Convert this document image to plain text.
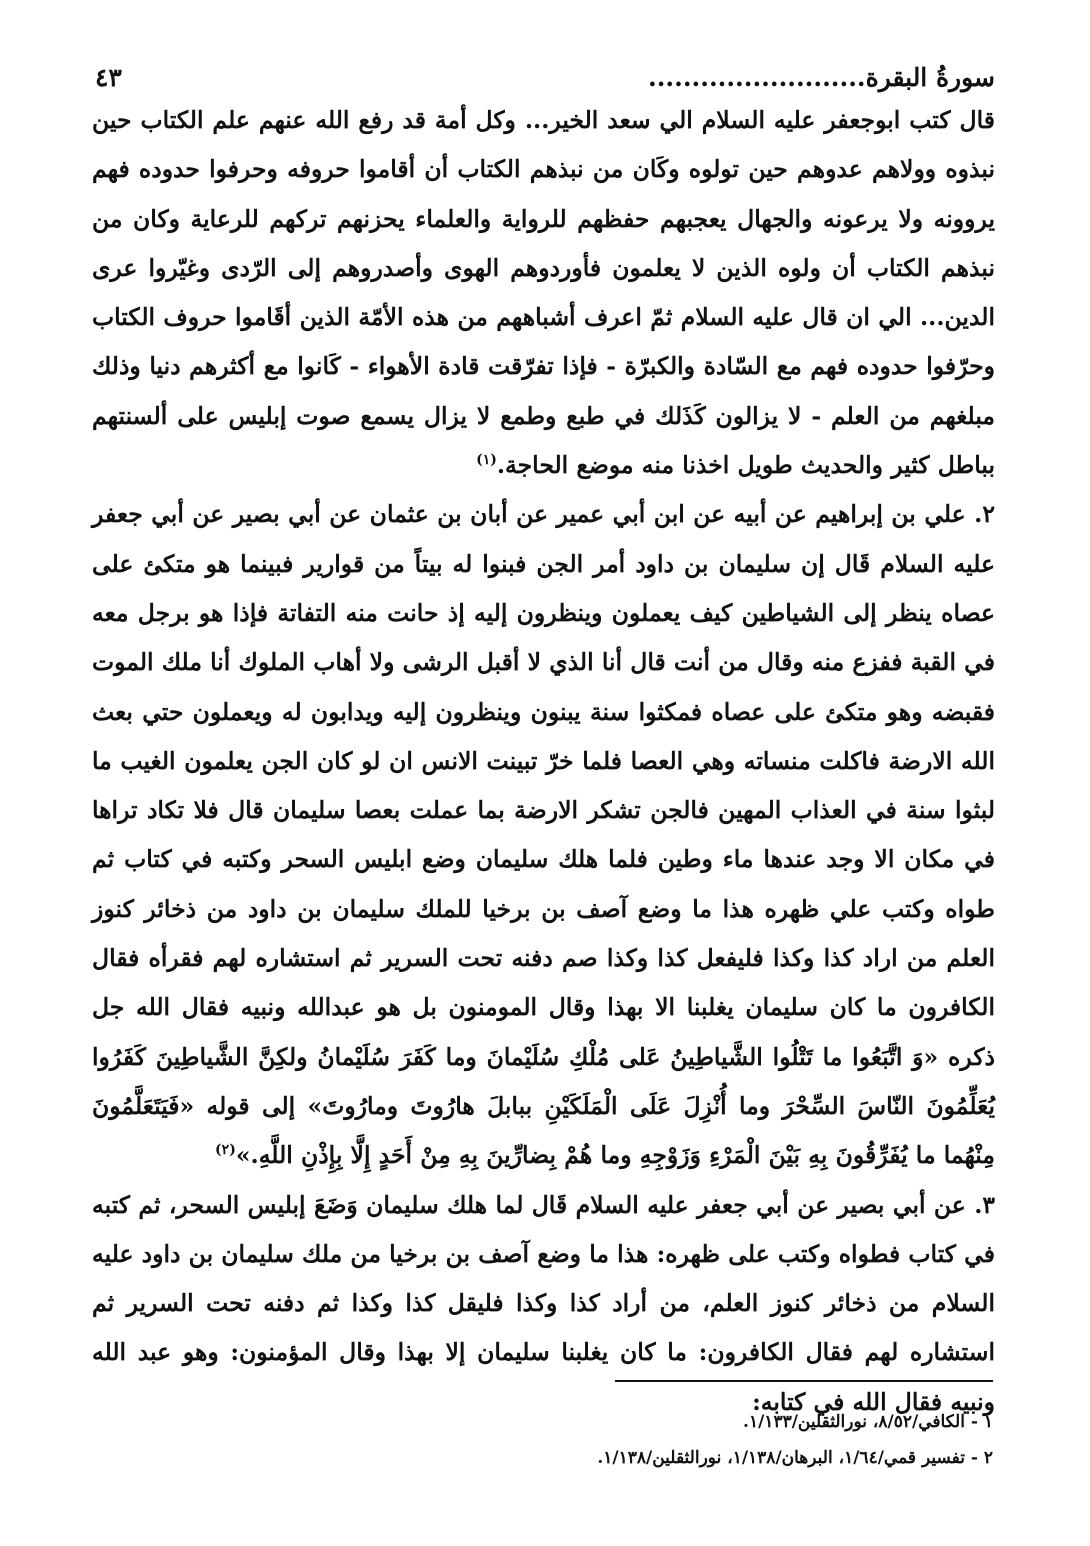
سورةُ البقرة.........................
٤٣

قال كتب ابوجعفر عليه السلام الي سعد الخير... وكل أمة قد رفع الله عنهم علم الكتاب حين نبذوه وولاهم عدوهم حين تولوه وكَان من نبذهم الكتاب أن أقاموا حروفه وحرفوا حدوده فهم يروونه ولا يرعونه والجهال يعجبهم حفظهم للرواية والعلماء يحزنهم تركهم للرعاية وكان من نبذهم الكتاب أن ولوه الذين لا يعلمون فأوردوهم الهوى وأصدروهم إلى الرّدى وغيّروا عرى الدين... الي ان قال عليه السلام ثمّ اعرف أشباههم من هذه الأمّة الذين أقَاموا حروف الكتاب وحرّفوا حدوده فهم مع السّادة والكبرّة - فإذا تفرّقت قادة الأهواء - كَانوا مع أكثرهم دنيا وذلك مبلغهم من العلم - لا يزالون كَذَلك في طبع وطمع لا يزال يسمع صوت إبليس على ألسنتهم بباطل كثير والحديث طويل اخذنا منه موضع الحاجة.$^{(١)}$

٢. علي بن إبراهيم عن أبيه عن ابن أبي عمير عن أبان بن عثمان عن أبي بصير عن أبي جعفر عليه السلام قَال إن سليمان بن داود أمر الجن فبنوا له بيتاً من قوارير فبينما هو متكئ على عصاه ينظر إلى الشياطين كيف يعملون وينظرون إليه إذ حانت منه التفاتة فإذا هو برجل معه في القبة ففزع منه وقال من أنت قال أنا الذي لا أقبل الرشى ولا أهاب الملوك أنا ملك الموت فقبضه وهو متكئ على عصاه فمكثوا سنة يبنون وينظرون إليه ويدابون له ويعملون حتي بعث الله الارضة فاكلت منساته وهي العصا فلما خرّ تبينت الانس ان لو كان الجن يعلمون الغيب ما لبثوا سنة في العذاب المهين فالجن تشكر الارضة بما عملت بعصا سليمان قال فلا تكاد تراها في مكان الا وجد عندها ماء وطين فلما هلك سليمان وضع ابليس السحر وكتبه في كتاب ثم طواه وكتب علي ظهره هذا ما وضع آصف بن برخيا للملك سليمان بن داود من ذخائر كنوز العلم من اراد كذا وكذا فليفعل كذا وكذا صم دفنه تحت السرير ثم استشاره لهم فقرأه فقال الكافرون ما كان سليمان يغلبنا الا بهذا وقال المومنون بل هو عبدالله ونبيه فقال الله جل ذكره «وَ اتَّبَعُوا ما تَتْلُوا الشَّياطِينُ عَلى مُلْكِ سُلَيْمانَ وما كَفَرَ سُلَيْمانُ ولكِنَّ الشَّياطِينَ كَفَرُوا يُعَلِّمُونَ النّاسَ السِّحْرَ وما أُنْزِلَ عَلَى الْمَلَكَيْنِ ببابلَ هارُوتَ ومارُوتَ» إلى قوله «فَيَتَعَلَّمُونَ مِنْهُما ما يُفَرِّقُونَ بِهِ بَيْنَ الْمَرْءِ وَزَوْجِهِ وما هُمْ بِضارِّينَ بِهِ مِنْ أَحَدٍ إِلَّا بِإِذْنِ اللَّهِ.»$^{(٢)}$

٣. عن أبي بصير عن أبي جعفر عليه السلام قَال لما هلك سليمان وَضَعَ إبليس السحر، ثم كتبه في كتاب فطواه وكتب على ظهره: هذا ما وضع آصف بن برخيا من ملك سليمان بن داود عليه السلام من ذخائر كنوز العلم، من أراد كذا وكذا فليقل كذا وكذا ثم دفنه تحت السرير ثم استشاره لهم فقال الكافرون: ما كان يغلبنا سليمان إلا بهذا وقال المؤمنون: وهو عبد الله ونبيه فقال الله في كتابه:

١ - الكافي/٨/٥٢، نورالثقلين/١/١٣٣.
٢ - تفسير قمي/١/٦٤، البرهان/١/١٣٨، نورالثقلين/١/١٣٨.
